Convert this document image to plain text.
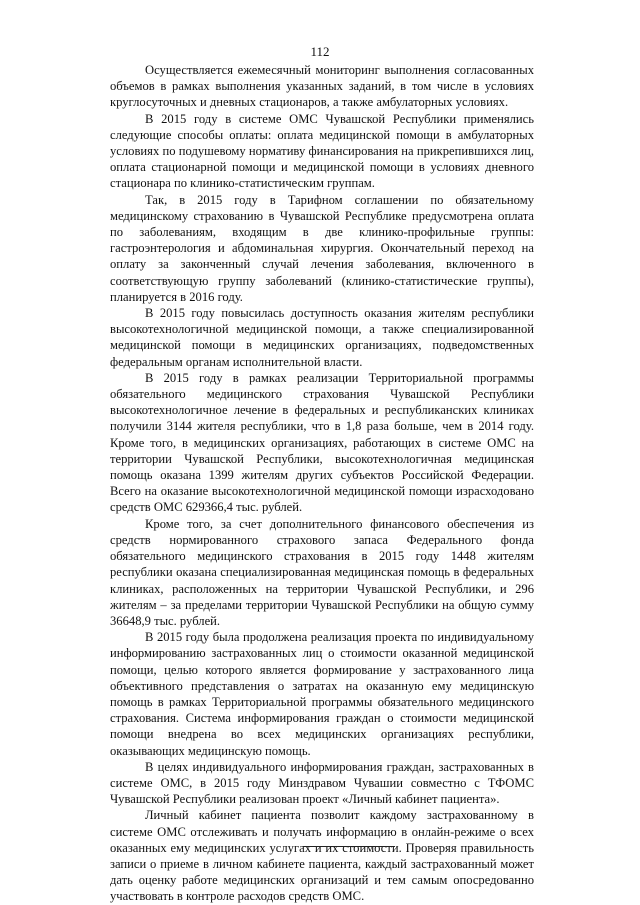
112

Осуществляется ежемесячный мониторинг выполнения согласованных объемов в рамках выполнения указанных заданий, в том числе в условиях круглосуточных и дневных стационаров, а также амбулаторных условиях.

В 2015 году в системе ОМС Чувашской Республики применялись следующие способы оплаты: оплата медицинской помощи в амбулаторных условиях по подушевому нормативу финансирования на прикрепившихся лиц, оплата стационарной помощи и медицинской помощи в условиях дневного стационара по клинико-статистическим группам.

Так, в 2015 году в Тарифном соглашении по обязательному медицинскому страхованию в Чувашской Республике предусмотрена оплата по заболеваниям, входящим в две клинико-профильные группы: гастроэнтерология и абдоминальная хирургия. Окончательный переход на оплату за законченный случай лечения заболевания, включенного в соответствующую группу заболеваний (клинико-статистические группы), планируется в 2016 году.

В 2015 году повысилась доступность оказания жителям республики высокотехнологичной медицинской помощи, а также специализированной медицинской помощи в медицинских организациях, подведомственных федеральным органам исполнительной власти.

В 2015 году в рамках реализации Территориальной программы обязательного медицинского страхования Чувашской Республики высокотехнологичное лечение в федеральных и республиканских клиниках получили 3144 жителя республики, что в 1,8 раза больше, чем в 2014 году. Кроме того, в медицинских организациях, работающих в системе ОМС на территории Чувашской Республики, высокотехнологичная медицинская помощь оказана 1399 жителям других субъектов Российской Федерации. Всего на оказание высокотехнологичной медицинской помощи израсходовано средств ОМС 629366,4 тыс. рублей.

Кроме того, за счет дополнительного финансового обеспечения из средств нормированного страхового запаса Федерального фонда обязательного медицинского страхования в 2015 году 1448 жителям республики оказана специализированная медицинская помощь в федеральных клиниках, расположенных на территории Чувашской Республики, и 296 жителям – за пределами территории Чувашской Республики на общую сумму 36648,9 тыс. рублей.

В 2015 году была продолжена реализация проекта по индивидуальному информированию застрахованных лиц о стоимости оказанной медицинской помощи, целью которого является формирование у застрахованного лица объективного представления о затратах на оказанную ему медицинскую помощь в рамках Территориальной программы обязательного медицинского страхования. Система информирования граждан о стоимости медицинской помощи внедрена во всех медицинских организациях республики, оказывающих медицинскую помощь.

В целях индивидуального информирования граждан, застрахованных в системе ОМС, в 2015 году Минздравом Чувашии совместно с ТФОМС Чувашской Республики реализован проект «Личный кабинет пациента».

Личный кабинет пациента позволит каждому застрахованному в системе ОМС отслеживать и получать информацию в онлайн-режиме о всех оказанных ему медицинских услугах и их стоимости. Проверяя правильность записи о приеме в личном кабинете пациента, каждый застрахованный может дать оценку работе медицинских организаций и тем самым опосредованно участвовать в контроле расходов средств ОМС.
